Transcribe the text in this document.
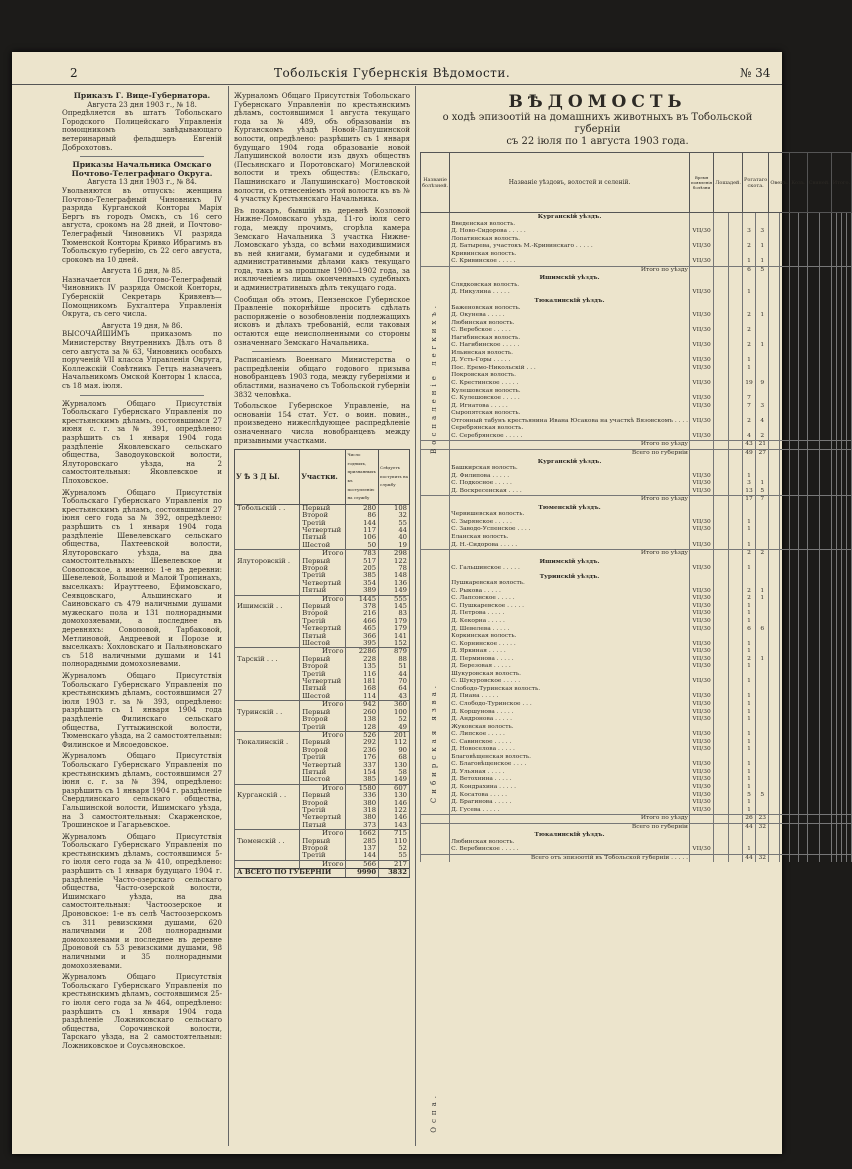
2	Тобольскія Губернскія Вѣдомости.	№ 34
Приказъ Г. Вице-Губернатора.
Августа 23 дня 1903 г., № 18.
Опредѣляется въ штатъ Тобольскаго Городского Полицейскаго Управленія помощникомъ завѣдывающаго ветеринарный фельдшеръ Евгеній Доброхотовъ.
Приказы Начальника Омскаго Почтово-Телеграфнаго Округа.
Августа 13 дня 1903 г., № 84.
Увольняются въ отпускъ: женщина Почтово-Телеграфный Чиновникъ IV разряда Курганской Конторы Марія Бергъ въ городъ Омскъ, съ 16 сего августа, срокомъ на 28 дней, и Почтово-Телеграфный Чиновникъ VI разряда Тюменской Конторы Кривко Ибрагимъ въ Тобольскую губернію, съ 22 сего августа, срокомъ на 10 дней.
Августа 16 дня, № 85.
Назначается Почтово-Телеграфный Чиновникъ IV разряда Омской Конторы, Губернскій Секретарь Кривяевъ—Помощникомъ Бухгалтера Управленія Округа, съ сего числа.
Августа 19 дня, № 86.
ВЫСОЧАЙШИМЪ приказомъ по Министерству Внутреннихъ Дѣлъ отъ 8 сего августа за № 63, Чиновникъ особыхъ порученій VII класса Управленія Округа, Коллежскій Совѣтникъ Гетцъ назначенъ Начальникомъ Омской Конторы 1 класса, съ 18 мая. іюля.
Журналомъ Общаго Присутствія Тобольскаго Губернскаго Управленія по крестьянскимъ дѣламъ, состоявшимся 27 июня с. г. за № 391, опредѣлено: разрѣшить съ 1 января 1904 года раздѣленіе Яковлевскаго сельскаго общества, Заводоуковской волости, Ялуторовскаго уѣзда, на 2 самостоятельныя: Яковлевское и Плоховское.
Журналомъ Общаго Присутствія Тобольскаго Губернскаго Управленія по крестьянскимъ дѣламъ, состоявшимся 27 іюня сего года за № 392, опредѣлено: разрѣшить съ 1 января 1904 года раздѣленіе Шевелевскаго сельскаго общества, Пахтеевской волости, Ялуторовскаго уѣзда, на два самостоятельныхъ: Шевелевское и Совоповское, а именно: 1-е въ деревни: Шевелевой, Большой и Малой Тропинахъ, выселкахъ: Ирауттеево, Ефимовскаго, Сеявцовскаго, Альшинскаго и Саиновскаго съ 479 наличными душами мужескаго пола и 131 полнорадными домохозяевами, а последнее въ деревняхъ: Совоповой, Тарбаковой, Метлиновой, Андреевой и Порозе и выселкахъ: Хохловскаго и Пальяновскаго съ 518 наличными душами и 141 полнорадными домохозяевами.
Журналомъ Общаго Присутствія Тобольскаго Губернскаго Управленія по крестьянскимъ дѣламъ, состоявшимся 27 іюля 1903 г. за № 393, опредѣлено: разрѣшить съ 1 января 1904 года раздѣленіе Филинскаго сельскаго общества, Гуттыжинской волости, Тюменскаго уѣзда, на 2 самостоятельныя: Филинское и Мясоедовское.
Журналомъ Общаго Присутствія Тобольскаго Губернскаго Управленія по крестьянскимъ дѣламъ, состоявшимся 27 іюня с. г. за № 394, опредѣлено: разрѣшить съ 1 января 1904 г. раздѣленіе Свердлинскаго сельскаго общества, Гальшинской волости, Ишимскаго уѣзда, на 3 самостоятельныя: Скарженское, Трошинское и Гагарьевское.
Журналомъ Общаго Присутствія Тобольскаго Губернскаго Управленія по крестьянскимъ дѣламъ, состоявшимся 5-го іюля сего года за № 410, опредѣлено: разрѣшить съ 1 января будущаго 1904 г. раздѣленіе Часто-озерскаго сельскаго общества, Часто-озерской волости, Ишимскаго уѣзда, на два самостоятельныя: Частоозерское и Дроновское: 1-е въ селѣ Частоозерскомъ съ 311 ревизскими душами, 620 наличными и 208 полнорадными домохозяевами и последнее въ деревне Дроновой съ 53 ревизскими душами, 98 наличными и 35 полнорадными домохозяевами.
Журналомъ Общаго Присутствія Тобольскаго Губернскаго Управленія по крестьянскимъ дѣламъ, состоявшимся 25-го іюля сего года за № 464, опредѣлено: разрѣшить съ 1 января 1904 года раздѣленіе Ложниковскаго сельскаго общества, Сорочинской волости, Тарскаго уѣзда, на 2 самостоятельныя: Ложниковское и Соусьяновское.
Журналомъ Общаго Присутствія Тобольскаго Губернскаго Управленія по крестьянскимъ дѣламъ, состоявшимся 1 августа текущаго года за № 489, объ образованіи въ Курганскомъ уѣздѣ Новой-Лапушинской волости, опредѣлено: разрѣшить съ 1 января будущаго 1904 года образованіе новой Лапушинской волости изъ двухъ обществъ (Песьянскаго и Поротовскаго) Могилевской волости и трехъ обществъ: (Ельскаго, Пашнинскаго и Лапушинскаго) Мостовской волости, съ отнесеніемъ этой волости къ въ № 4 участку Крестьянскаго Начальника.
Въ пожаръ, бывшій въ деревнѣ Козловой Нижне-Ломовскаго уѣзда, 11-го іюля сего года, между прочимъ, сгорѣла камера Земскаго Начальника 3 участка Нижне-Ломовскаго уѣзда, со всѣми находившимися въ ней книгами, бумагами и судебными и административными дѣлами какъ текущаго года, такъ и за прошлые 1900—1902 года, за исключеніемъ лишь оконченныхъ судебныхъ и административныхъ дѣлъ текущаго года.
Сообщая объ этомъ, Пензенское Губернское Правленіе покорнѣйше проситъ сдѣлать распоряженіе о возобновленіи подлежащихъ исковъ и дѣлахъ требованій, если таковыя остаются еще неисполненными со стороны означеннаго Земскаго Начальника.
Расписаніемъ Военнаго Министерства о распредѣленіи общаго годового призыва новобранцевъ 1903 года, между губерніями и областями, назначено съ Тобольской губерніи 3832 человѣка.
Тобольское Губернское Управленіе, на основаніи 154 стат. Уст. о воин. повин., произведено нижеслѣдующее распредѣленіе означеннаго числа новобранцевъ между призывными участками.
У Ѣ З Д Ы.	Участки.	Число годныхъ, признанныхъ къ поступленію на службу	Слѣдуетъ поступить на службу
Тобольскій . .	Первый	280	108
	Второй	86	32
	Третій	144	55
	Четвертый	117	44
	Пятый	106	40
	Шестой	50	19
	Итого	783	298
Ялуторовскій .	Первый	517	122
	Второй	205	78
	Третій	385	148
	Четвертый	354	136
	Пятый	389	149
	Итого	1445	555
Ишимскій . .	Первый	378	145
	Второй	216	83
	Третій	466	179
	Четвертый	465	179
	Пятый	366	141
	Шестой	395	152
	Итого	2286	879
Тарскій . . .	Первый	228	88
	Второй	135	51
	Третій	116	44
	Четвертый	181	70
	Пятый	168	64
	Шестой	114	43
	Итого	942	360
Туринскій . .	Первый	260	100
	Второй	138	52
	Третій	128	49
	Итого	526	201
Тюкалинскій .	Первый	292	112
	Второй	236	90
	Третій	176	68
	Четвертый	337	130
	Пятый	154	58
	Шестой	385	149
	Итого	1580	607
Курганскій . .	Первый	336	130
	Второй	380	146
	Третій	318	122
	Четвертый	380	146
	Пятый	373	143
	Итого	1662	715
Тюменскій . .	Первый	285	110
	Второй	137	52
	Третій	144	55
	Итого	566	217
А ВСЕГО ПО ГУБЕРНІИ		9990	3832
ВѢДОМОСТЬ
о ходѣ эпизоотій на домашнихъ животныхъ въ Тобольской губерніи
съ 22 іюля по 1 августа 1903 года.
Названіе болѣзней.	Названіе уѣздовъ, волостей и селеній.	Время появленія болѣзни	Лошадей.		Рогатаго скота.		Овецъ.		Козъ.		Свиней.		Итого.			
	Курганскій уѣздъ.															
	Введенская волость.															
	Д. Ново-Сидорова . . . . .	VII/30			3	3										
	Лопатинская волость.															
	Д. Батырева, участокъ М.-Кривинскаго . . . . .	VII/30			2	1										
	Кривинская волость.															
	С. Кривинское . . . . .	VII/30			1	1										
	Итого по уѣзду				6	5										
	Ишимскій уѣздъ.															
	Слядковская волость.															
	Д. Никулина . . . . .	VII/30			1											
	Тюкалинскій уѣздъ.															
	Баженовская волость.															
	Д. Окунева . . . . .	VII/30			2	1										
	Любинская волость.															
	С. Веребское . . . . .	VII/30			2											
	Нагибинская волость.															
	С. Нагибинское . . . . .	VII/30			2	1										
	Ильинская волость.															
	Д. Усть-Горы . . . . .	VII/30			1											
	Пос. Еремо-Никольскій . . .	VII/30			1											
	Покровская волость.															
	С. Крестинское . . . . .	VII/30			19	9										
	Кулешовская волость.															
	С. Кулешовское . . . . .	VII/30			7											
	Д. Игнатова . . . . .	VII/30			7	3										
	Сыропятская волость.															
	Отгонный табунъ крестьянина Ивана Юсакова на участкѣ Вязовскомъ . . . .	VII/30			2	4										
	Серебрянская волость.															
	С. Серебрянское . . . . .	VII/30			4	2										
	Итого по уѣзду				43	21										
	Всего по губерніи				49	27										
	Курганскій уѣздъ.															
	Башкирская волость.															
	Д. Филипова . . . . .	VII/30			1											
	С. Подкосное . . . . .	VII/30			3	1										
	Д. Воскресенская . . . .	VII/30			13	5										
	Итого по уѣзду				17	7										
	Тюменскій уѣздъ.															
	Червишевская волость.															
	С. Зырянское . . . . .	VII/30			1											
	С. Заводо-Успенское . . . .	VII/30			1											
	Еланская волость.															
	Д. Н.-Сидорова . . . . .	VII/30			1											
	Итого по уѣзду				2	2										
	Ишимскій уѣздъ.															
	С. Гальшинское . . . . .	VII/30			1											
	Туринскій уѣздъ.															
	Пушкаревская волость.															
	С. Рыкова . . . . .	VII/30			2	1										
	С. Лапсовское . . . . .	VII/30			2	1										
	С. Пушкаревское . . . . .	VII/30			1											
	Д. Петрова . . . . .	VII/30			1											
	Д. Кекорна . . . . .	VII/30			1											
	Д. Шевелева . . . . .	VII/30			6	6										
	Коркинская волость.															
	С. Корнинское . . . . .	VII/30			1											
	Д. Яркиная . . . . .	VII/30			1											
	Д. Перминова . . . . .	VII/30			2	1										
	Д. Березовая . . . . .	VII/30			1											
	Шукуровская волость.															
	С. Шукуровское . . . . .	VII/30			1											
	Слободо-Туринская волость.															
	Д. Пиана . . . . .	VII/30			1											
	С. Слободо-Туринское . . .	VII/30			1											
	Д. Коршунова . . . . .	VII/30			1											
	Д. Андронова . . . . .	VII/30			1											
	Жуковская волость.															
	С. Липское . . . . .	VII/30			1											
	С. Савинское . . . . .	VII/30			1											
	Д. Новоселова . . . . .	VII/30			1											
	Благовѣщенская волость.															
	С. Благовѣщенское . . . .	VII/30			1											
	Д. Ульяная . . . . .	VII/30			1											
	Д. Ветохнина . . . . .	VII/30			1											
	Д. Кондрахина . . . . .	VII/30			1											
	Д. Косатова . . . . .	VII/30			5	5										
	Д. Брагинова . . . . .	VII/30			1											
	Д. Гусева . . . . .	VII/30			1											
	Итого по уѣзду				26	23										
	Всего по губерніи				44	32										
	Тюкалинскій уѣздъ.															
	Любинская волость.															
	С. Веребинское . . . . .	VII/30			1											
	Всего отъ эпизоотій въ Тобольской губерніи . . . . .				44	32										
Воспаленіе легкихъ.
Сибирская язва.
Оспа.
